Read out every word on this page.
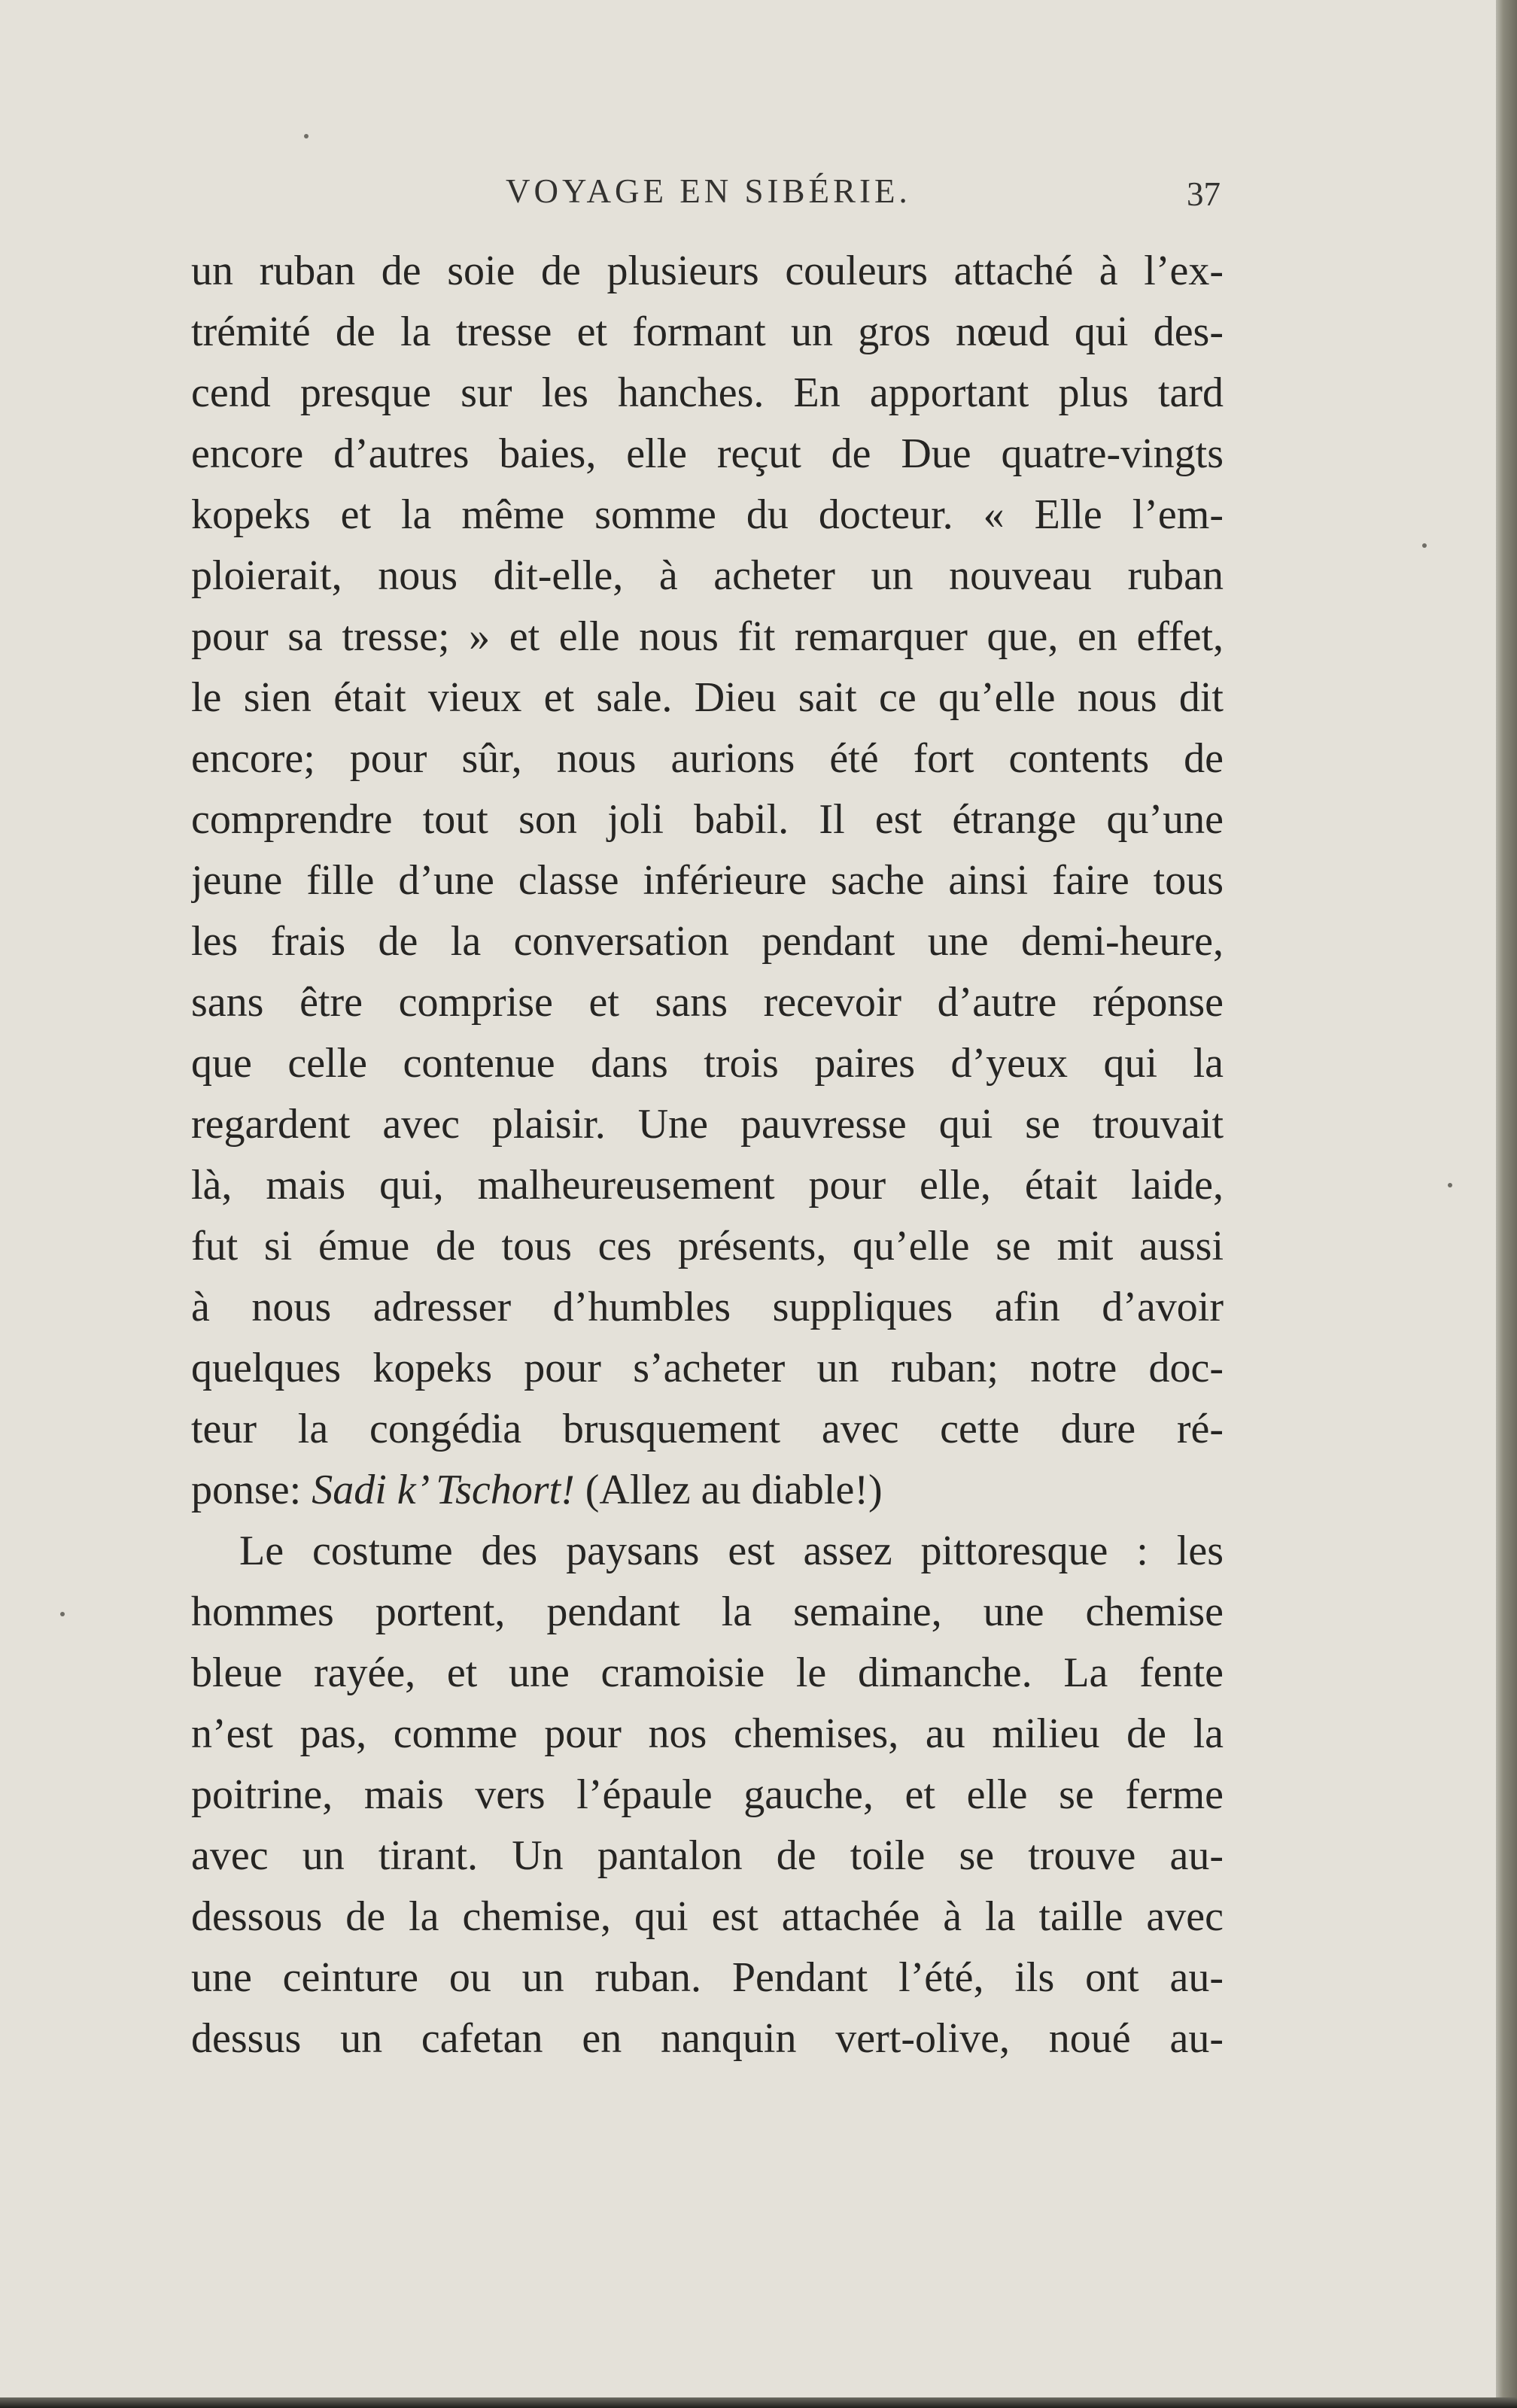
VOYAGE EN SIBÉRIE.	37
un ruban de soie de plusieurs couleurs attaché à l’ex-
trémité de la tresse et formant un gros nœud qui des-
cend presque sur les hanches. En apportant plus tard
encore d’autres baies, elle reçut de Due quatre-vingts
kopeks et la même somme du docteur. « Elle l’em-
ploierait, nous dit-elle, à acheter un nouveau ruban
pour sa tresse; » et elle nous fit remarquer que, en effet,
le sien était vieux et sale. Dieu sait ce qu’elle nous dit
encore; pour sûr, nous aurions été fort contents de
comprendre tout son joli babil. Il est étrange qu’une
jeune fille d’une classe inférieure sache ainsi faire tous
les frais de la conversation pendant une demi-heure,
sans être comprise et sans recevoir d’autre réponse
que celle contenue dans trois paires d’yeux qui la
regardent avec plaisir. Une pauvresse qui se trouvait
là, mais qui, malheureusement pour elle, était laide,
fut si émue de tous ces présents, qu’elle se mit aussi
à nous adresser d’humbles suppliques afin d’avoir
quelques kopeks pour s’acheter un ruban; notre doc-
teur la congédia brusquement avec cette dure ré-
ponse: Sadi k’ Tschort! (Allez au diable!)
Le costume des paysans est assez pittoresque : les
hommes portent, pendant la semaine, une chemise
bleue rayée, et une cramoisie le dimanche. La fente
n’est pas, comme pour nos chemises, au milieu de la
poitrine, mais vers l’épaule gauche, et elle se ferme
avec un tirant. Un pantalon de toile se trouve au-
dessous de la chemise, qui est attachée à la taille avec
une ceinture ou un ruban. Pendant l’été, ils ont au-
dessus un cafetan en nanquin vert-olive, noué au-
